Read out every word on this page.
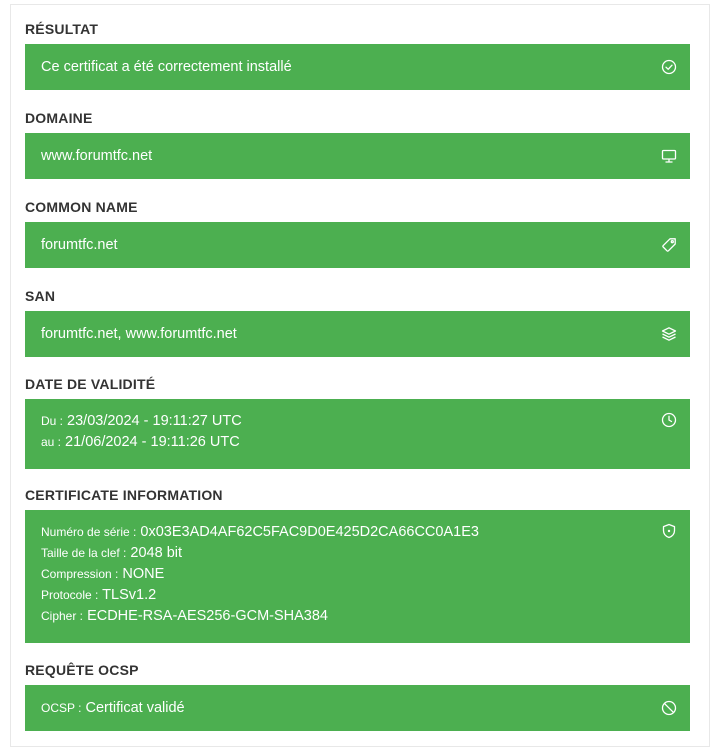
RÉSULTAT
Ce certificat a été correctement installé
DOMAINE
www.forumtfc.net
COMMON NAME
forumtfc.net
SAN
forumtfc.net, www.forumtfc.net
DATE DE VALIDITÉ
Du : 23/03/2024 - 19:11:27 UTC
au : 21/06/2024 - 19:11:26 UTC
CERTIFICATE INFORMATION
Numéro de série : 0x03E3AD4AF62C5FAC9D0E425D2CA66CC0A1E3
Taille de la clef : 2048 bit
Compression : NONE
Protocole : TLSv1.2
Cipher : ECDHE-RSA-AES256-GCM-SHA384
REQUÊTE OCSP
OCSP : Certificat validé
